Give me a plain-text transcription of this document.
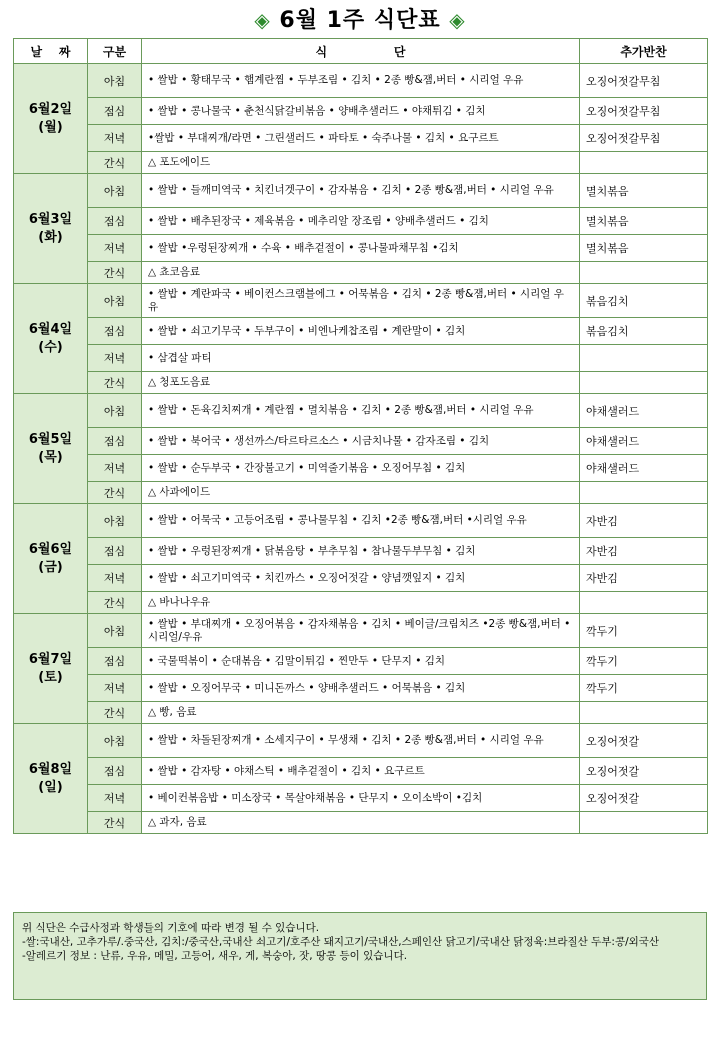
◈ 6월 1주 식단표 ◈
날    짜	구분	식                단	추가반찬

6월2일
(월)	아침	• 쌀밥 • 황태무국 • 햄계란찜 • 두부조림 • 김치 • 2종 빵&잼,버터 • 시리얼 우유	오징어젓갈무침
	점심	• 쌀밥 • 콩나물국 • 춘천식닭갈비볶음 • 양배추샐러드 • 야채튀김 • 김치	오징어젓갈무침
	저녁	•쌀밥 • 부대찌개/라면 • 그린샐러드 • 파타토 • 숙주나물 • 김치 • 요구르트	오징어젓갈무침
	간식	△ 포도에이드	

6월3일
(화)	아침	• 쌀밥 • 들깨미역국 • 치킨너겟구이 • 감자볶음 • 김치 • 2종 빵&잼,버터 • 시리얼 우유	멸치볶음
	점심	• 쌀밥 • 배추된장국 • 제육볶음 • 메추리알 장조림 • 양배추샐러드 • 김치	멸치볶음
	저녁	• 쌀밥 •우렁된장찌개 • 수육 • 배추겉절이 • 콩나물파채무침 •김치	멸치볶음
	간식	△ 쵸코음료	

6월4일
(수)	아침	• 쌀밥 • 계란파국 • 베이컨스크램블에그 • 어묵볶음 • 김치 • 2종 빵&잼,버터 • 시리얼 우유	볶음김치
	점심	• 쌀밥 • 쇠고기무국 • 두부구이 • 비엔나케찹조림 • 계란말이 • 김치	볶음김치
	저녁	• 삼겹살 파티	
	간식	△ 청포도음료	

6월5일
(목)	아침	• 쌀밥 • 돈육김치찌개 • 계란찜 • 멸치볶음 • 김치 • 2종 빵&잼,버터 • 시리얼 우유	야채샐러드
	점심	• 쌀밥 • 북어국 • 생선까스/타르타르소스 • 시금치나물 • 감자조림 • 김치	야채샐러드
	저녁	• 쌀밥 • 순두부국 • 간장불고기 • 미역줄기볶음 • 오징어무침 • 김치	야채샐러드
	간식	△ 사과에이드	

6월6일
(금)	아침	• 쌀밥 • 어묵국 • 고등어조림 • 콩나물무침 • 김치 •2종 빵&잼,버터 •시리얼 우유	자반김
	점심	• 쌀밥 • 우렁된장찌개 • 닭볶음탕 • 부추무침 • 참나물두부무침 • 김치	자반김
	저녁	• 쌀밥 • 쇠고기미역국 • 치킨까스 • 오징어젓갈 • 양념깻잎지 • 김치	자반김
	간식	△ 바나나우유	

6월7일
(토)	아침	• 쌀밥 • 부대찌개 • 오징어볶음 • 감자채볶음 • 김치 • 베이글/크림치즈 •2종 빵&잼,버터 •시리얼/우유	깍두기
	점심	• 국물떡볶이 • 순대볶음 • 김말이튀김 • 찐만두 • 단무지 • 김치	깍두기
	저녁	• 쌀밥 • 오징어무국 • 미니돈까스 • 양배추샐러드 • 어묵볶음 • 김치	깍두기
	간식	△ 빵, 음료	

6월8일
(일)	아침	• 쌀밥 • 차돌된장찌개 • 소세지구이 • 무생채 • 김치 • 2종 빵&잼,버터 • 시리얼 우유	오징어젓갈
	점심	• 쌀밥 • 감자탕 • 야채스틱 • 배추겉절이 • 김치 • 요구르트	오징어젓갈
	저녁	• 베이컨볶음밥 • 미소장국 • 목살야채볶음 • 단무지 • 오이소박이 •김치	오징어젓갈
	간식	△ 과자, 음료	

위 식단은 수급사정과 학생들의 기호에 따라 변경 될 수 있습니다.

-쌀:국내산, 고추가루/.중국산, 김치:/중국산,국내산 쇠고기/호주산 돼지고기/국내산,스페인산 닭고기/국내산 닭정육:브라질산 두부:콩/외국산

-알레르기 정보 : 난류, 우유, 메밀, 고등어, 새우, 게, 복숭아, 잣, 땅콩 등이 있습니다.
